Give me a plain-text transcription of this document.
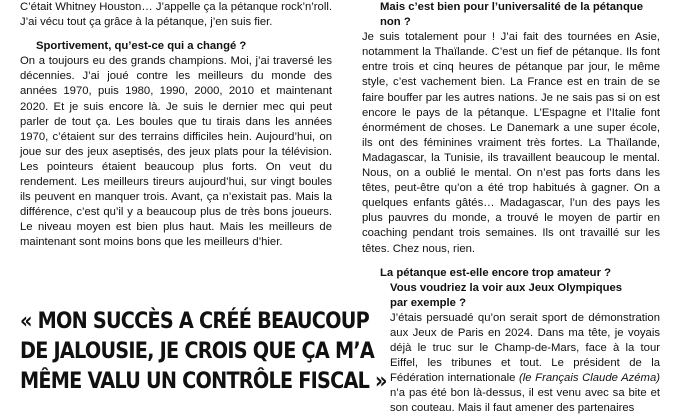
C’était Whitney Houston… J’appelle ça la pétanque rock’n’roll. J’ai vécu tout ça grâce à la pétanque, j’en suis fier.

Sportivement, qu’est-ce qui a changé ?

On a toujours eu des grands champions. Moi, j’ai traversé les décennies. J’ai joué contre les meilleurs du monde des années 1970, puis 1980, 1990, 2000, 2010 et maintenant 2020. Et je suis encore là. Je suis le dernier mec qui peut parler de tout ça. Les boules que tu tirais dans les années 1970, c’étaient sur des terrains difficiles hein. Aujourd’hui, on joue sur des jeux aseptisés, des jeux plats pour la télévision. Les pointeurs étaient beaucoup plus forts. On veut du rendement. Les meilleurs tireurs aujourd’hui, sur vingt boules ils peuvent en manquer trois. Avant, ça n’existait pas. Mais la différence, c’est qu’il y a beaucoup plus de très bons joueurs. Le niveau moyen est bien plus haut. Mais les meilleurs de maintenant sont moins bons que les meilleurs d’hier.

« MON SUCCÈS A CRÉÉ BEAUCOUP
DE JALOUSIE, JE CROIS QUE ÇA M’A
MÊME VALU UN CONTRÔLE FISCAL »
Mais c’est bien pour l’universalité de la pétanque non ?

Je suis totalement pour ! J’ai fait des tournées en Asie, notamment la Thaïlande. C’est un fief de pétanque. Ils font entre trois et cinq heures de pétanque par jour, le même style, c’est vachement bien. La France est en train de se faire bouffer par les autres nations. Je ne sais pas si on est encore le pays de la pétanque. L’Espagne et l’Italie font énormément de choses. Le Danemark a une super école, ils ont des féminines vraiment très fortes. La Thaïlande, Madagascar, la Tunisie, ils travaillent beaucoup le mental. Nous, on a oublié le mental. On n’est pas forts dans les têtes, peut-être qu’on a été trop habitués à gagner. On a quelques enfants gâtés… Madagascar, l’un des pays les plus pauvres du monde, a trouvé le moyen de partir en coaching pendant trois semaines. Ils ont travaillé sur les têtes. Chez nous, rien.

La pétanque est-elle encore trop amateur ?
Vous voudriez la voir aux Jeux Olympiques
par exemple ?

J’étais persuadé qu’on serait sport de démonstration aux Jeux de Paris en 2024. Dans ma tête, je voyais déjà le truc sur le Champ-de-Mars, face à la tour Eiffel, les tribunes et tout. Le président de la Fédération internationale (le Français Claude Azéma) n’a pas été bon là-dessus, il est venu avec sa bite et son couteau. Mais il faut amener des partenaires
